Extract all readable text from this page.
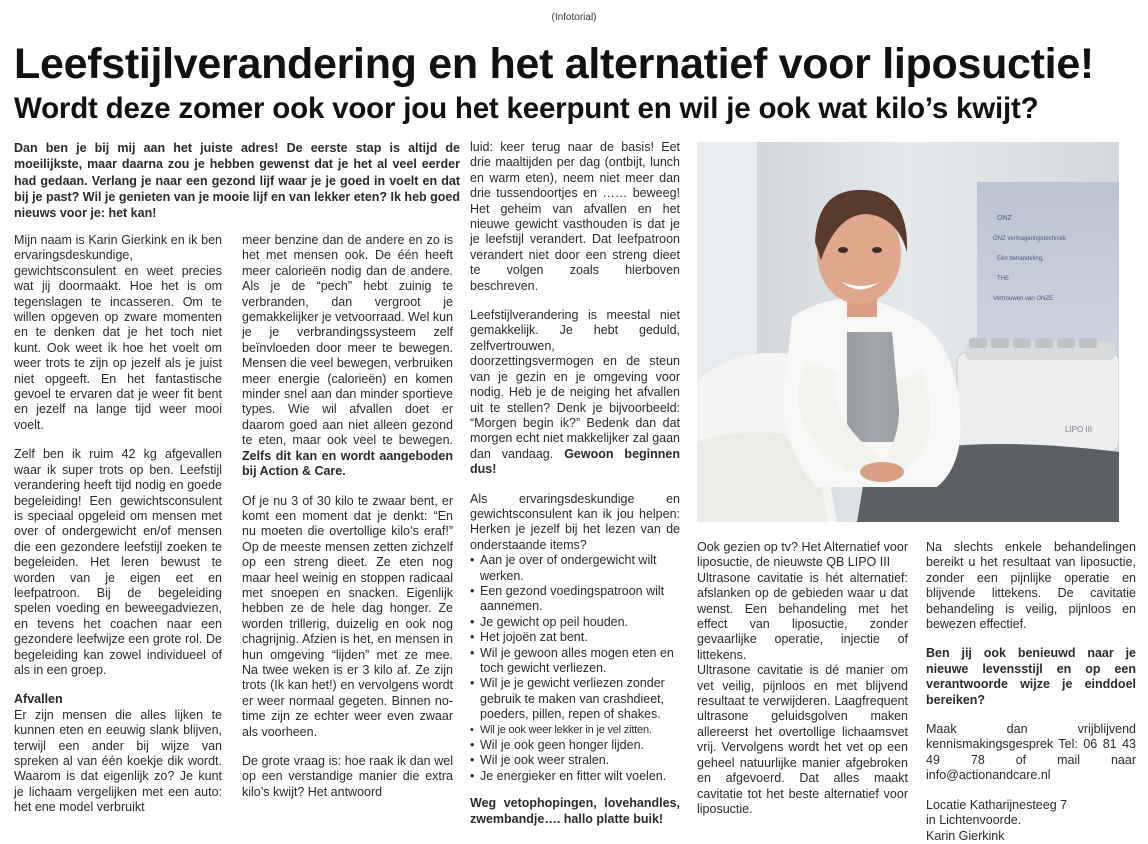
(Infotorial)
Leefstijlverandering en het alternatief voor liposuctie!
Wordt deze zomer ook voor jou het keerpunt en wil je ook wat kilo’s kwijt?
Dan ben je bij mij aan het juiste adres! De eerste stap is altijd de moeilijkste, maar daarna zou je hebben gewenst dat je het al veel eerder had gedaan. Verlang je naar een gezond lijf waar je je goed in voelt en dat bij je past? Wil je genieten van je mooie lijf en van lekker eten? Ik heb goed nieuws voor je: het kan!

Mijn naam is Karin Gierkink en ik ben ervaringsdeskundige, gewichtsconsulent en weet precies wat jij doormaakt. Hoe het is om tegenslagen te incasseren. Om te willen opgeven op zware momenten en te denken dat je het toch niet kunt. Ook weet ik hoe het voelt om weer trots te zijn op jezelf als je juist niet opgeeft. En het fantastische gevoel te ervaren dat je weer fit bent en jezelf na lange tijd weer mooi voelt.

Zelf ben ik ruim 42 kg afgevallen waar ik super trots op ben. Leefstijl verandering heeft tijd nodig en goede begeleiding! Een gewichtsconsulent is speciaal opgeleid om mensen met over of ondergewicht en/of mensen die een gezondere leefstijl zoeken te begeleiden. Het leren bewust te worden van je eigen eet en leefpatroon. Bij de begeleiding spelen voeding en beweegadviezen, en tevens het coachen naar een gezondere leefwijze een grote rol. De begeleiding kan zowel individueel of als in een groep.

Afvallen

Er zijn mensen die alles lijken te kunnen eten en eeuwig slank blijven, terwijl een ander bij wijze van spreken al van één koekje dik wordt. Waarom is dat eigenlijk zo? Je kunt je lichaam vergelijken met een auto: het ene model verbruikt

meer benzine dan de andere en zo is het met mensen ook. De één heeft meer calorieën nodig dan de andere. Als je de “pech” hebt zuinig te verbranden, dan vergroot je gemakkelijker je vetvoorraad. Wel kun je je verbrandingssysteem zelf beïnvloeden door meer te bewegen. Mensen die veel bewegen, verbruiken meer energie (calorieën) en komen minder snel aan dan minder sportieve types. Wie wil afvallen doet er daarom goed aan niet alleen gezond te eten, maar ook veel te bewegen. Zelfs dit kan en wordt aangeboden bij Action & Care.

Of je nu 3 of 30 kilo te zwaar bent, er komt een moment dat je denkt: “En nu moeten die overtollige kilo’s eraf!” Op de meeste mensen zetten zichzelf op een streng dieet. Ze eten nog maar heel weinig en stoppen radicaal met snoepen en snacken. Eigenlijk hebben ze de hele dag honger. Ze worden trillerig, duizelig en ook nog chagrijnig. Afzien is het, en mensen in hun omgeving “lijden” met ze mee. Na twee weken is er 3 kilo af. Ze zijn trots (Ik kan het!) en vervolgens wordt er weer normaal gegeten. Binnen no-time zijn ze echter weer even zwaar als voorheen.

De grote vraag is: hoe raak ik dan wel op een verstandige manier die extra kilo’s kwijt? Het antwoord

luid: keer terug naar de basis! Eet drie maaltijden per dag (ontbijt, lunch en warm eten), neem niet meer dan drie tussendoortjes en …… beweeg! Het geheim van afvallen en het nieuwe gewicht vasthouden is dat je je leefstijl verandert. Dat leefpatroon verandert niet door een streng dieet te volgen zoals hierboven beschreven.

Leefstijlverandering is meestal niet gemakkelijk. Je hebt geduld, zelfvertrouwen, doorzettingsvermogen en de steun van je gezin en je omgeving voor nodig. Heb je de neiging het afvallen uit te stellen? Denk je bijvoorbeeld: “Morgen begin ik?” Bedenk dan dat morgen echt niet makkelijker zal gaan dan vandaag. Gewoon beginnen dus!

Als ervaringsdeskundige en gewichtsconsulent kan ik jou helpen: Herken je jezelf bij het lezen van de onderstaande items?

• Aan je over of ondergewicht wilt werken.
• Een gezond voedingspatroon wilt aannemen.
• Je gewicht op peil houden.
• Het jojoën zat bent.
• Wil je gewoon alles mogen eten en toch gewicht verliezen.
• Wil je je gewicht verliezen zonder gebruik te maken van crashdieet, poeders, pillen, repen of shakes.
• Wil je ook weer lekker in je vel zitten.
• Wil je ook geen honger lijden.
• Wil je ook weer stralen.
• Je energieker en fitter wilt voelen.

Weg vetophopingen, lovehandles, zwembandje…. hallo platte buik!

ONZ
ONZ vermageringstechniek
Eén behandeling,
THE
Vertrouwen van ONZE
LIPO III

Ook gezien op tv? Het Alternatief voor liposuctie, de nieuwste QB LIPO III

Ultrasone cavitatie is hét alternatief: afslanken op de gebieden waar u dat wenst. Een behandeling met het effect van liposuctie, zonder gevaarlijke operatie, injectie of littekens.

Ultrasone cavitatie is dé manier om vet veilig, pijnloos en met blijvend resultaat te verwijderen. Laagfrequent ultrasone geluidsgolven maken allereerst het overtollige lichaamsvet vrij. Vervolgens wordt het vet op een geheel natuurlijke manier afgebroken en afgevoerd. Dat alles maakt cavitatie tot het beste alternatief voor liposuctie.

Na slechts enkele behandelingen bereikt u het resultaat van liposuctie, zonder een pijnlijke operatie en blijvende littekens. De cavitatie behandeling is veilig, pijnloos en bewezen effectief.

Ben jij ook benieuwd naar je nieuwe levensstijl en op een verantwoorde wijze je einddoel bereiken?

Maak dan vrijblijvend kennismakingsgesprek Tel: 06 81 43 49 78 of mail naar info@actionandcare.nl

Locatie Katharijnesteeg 7

in Lichtenvoorde.

Karin Gierkink
